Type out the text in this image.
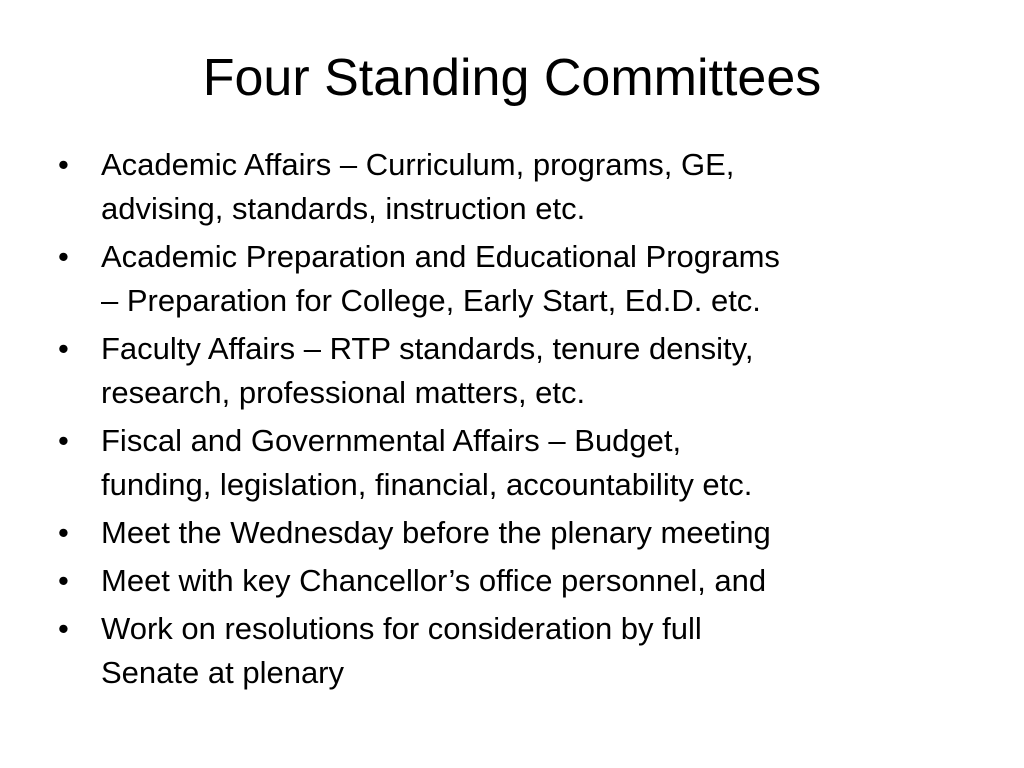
Four Standing Committees
•	Academic Affairs – Curriculum, programs, GE,
advising, standards, instruction etc.
•	Academic Preparation and Educational Programs
– Preparation for College, Early Start, Ed.D. etc.
•	Faculty Affairs – RTP standards, tenure density,
research, professional matters, etc.
•	Fiscal and Governmental Affairs – Budget,
funding, legislation, financial, accountability etc.
•	Meet the Wednesday before the plenary meeting
•	Meet with key Chancellor’s office personnel, and
•	Work on resolutions for consideration by full
Senate at plenary
